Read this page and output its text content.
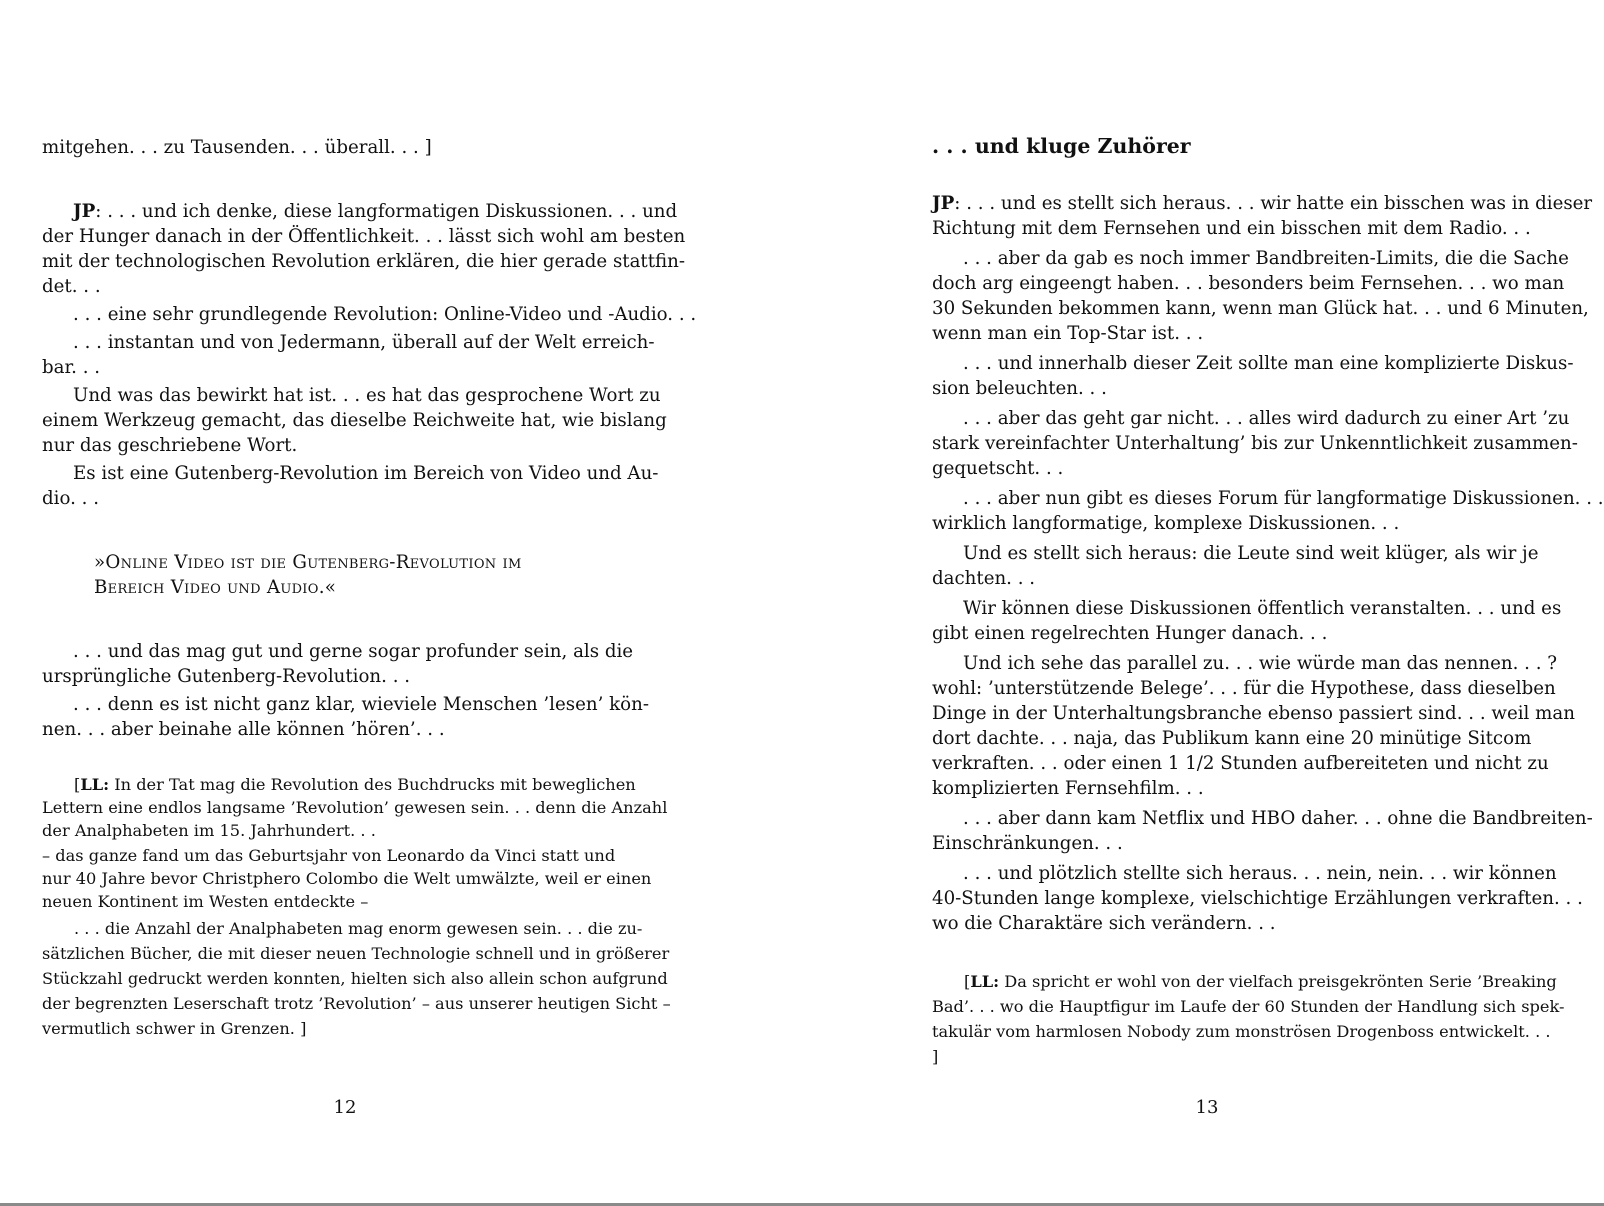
mitgehen. . . zu Tausenden. . . überall. . . ]
JP: . . . und ich denke, diese langformatigen Diskussionen. . . und
der Hunger danach in der Öffentlichkeit. . . lässt sich wohl am besten
mit der technologischen Revolution erklären, die hier gerade stattfin-
det. . .
. . . eine sehr grundlegende Revolution: Online-Video und -Audio. . .
. . . instantan und von Jedermann, überall auf der Welt erreich-
bar. . .
Und was das bewirkt hat ist. . . es hat das gesprochene Wort zu
einem Werkzeug gemacht, das dieselbe Reichweite hat, wie bislang
nur das geschriebene Wort.
Es ist eine Gutenberg-Revolution im Bereich von Video und Au-
dio. . .
»Online Video ist die Gutenberg-Revolution im
Bereich Video und Audio.«
. . . und das mag gut und gerne sogar profunder sein, als die
ursprüngliche Gutenberg-Revolution. . .
. . . denn es ist nicht ganz klar, wieviele Menschen ’lesen’ kön-
nen. . . aber beinahe alle können ’hören’. . .
[LL: In der Tat mag die Revolution des Buchdrucks mit beweglichen
Lettern eine endlos langsame ’Revolution’ gewesen sein. . . denn die Anzahl
der Analphabeten im 15. Jahrhundert. . .
– das ganze fand um das Geburtsjahr von Leonardo da Vinci statt und
nur 40 Jahre bevor Christphero Colombo die Welt umwälzte, weil er einen
neuen Kontinent im Westen entdeckte –
. . . die Anzahl der Analphabeten mag enorm gewesen sein. . . die zu-
sätzlichen Bücher, die mit dieser neuen Technologie schnell und in größerer
Stückzahl gedruckt werden konnten, hielten sich also allein schon aufgrund
der begrenzten Leserschaft trotz ’Revolution’ – aus unserer heutigen Sicht –
vermutlich schwer in Grenzen. ]
12
. . . und kluge Zuhörer
JP: . . . und es stellt sich heraus. . . wir hatte ein bisschen was in dieser
Richtung mit dem Fernsehen und ein bisschen mit dem Radio. . .
. . . aber da gab es noch immer Bandbreiten-Limits, die die Sache
doch arg eingeengt haben. . . besonders beim Fernsehen. . . wo man
30 Sekunden bekommen kann, wenn man Glück hat. . . und 6 Minuten,
wenn man ein Top-Star ist. . .
. . . und innerhalb dieser Zeit sollte man eine komplizierte Diskus-
sion beleuchten. . .
. . . aber das geht gar nicht. . . alles wird dadurch zu einer Art ’zu
stark vereinfachter Unterhaltung’ bis zur Unkenntlichkeit zusammen-
gequetscht. . .
. . . aber nun gibt es dieses Forum für langformatige Diskussionen. . .
wirklich langformatige, komplexe Diskussionen. . .
Und es stellt sich heraus: die Leute sind weit klüger, als wir je
dachten. . .
Wir können diese Diskussionen öffentlich veranstalten. . . und es
gibt einen regelrechten Hunger danach. . .
Und ich sehe das parallel zu. . . wie würde man das nennen. . . ?
wohl: ’unterstützende Belege’. . . für die Hypothese, dass dieselben
Dinge in der Unterhaltungsbranche ebenso passiert sind. . . weil man
dort dachte. . . naja, das Publikum kann eine 20 minütige Sitcom
verkraften. . . oder einen 1 1/2 Stunden aufbereiteten und nicht zu
komplizierten Fernsehfilm. . .
. . . aber dann kam Netflix und HBO daher. . . ohne die Bandbreiten-
Einschränkungen. . .
. . . und plötzlich stellte sich heraus. . . nein, nein. . . wir können
40-Stunden lange komplexe, vielschichtige Erzählungen verkraften. . .
wo die Charaktäre sich verändern. . .
[LL: Da spricht er wohl von der vielfach preisgekrönten Serie ’Breaking
Bad’. . . wo die Hauptfigur im Laufe der 60 Stunden der Handlung sich spek-
takulär vom harmlosen Nobody zum monströsen Drogenboss entwickelt. . .
]
13
